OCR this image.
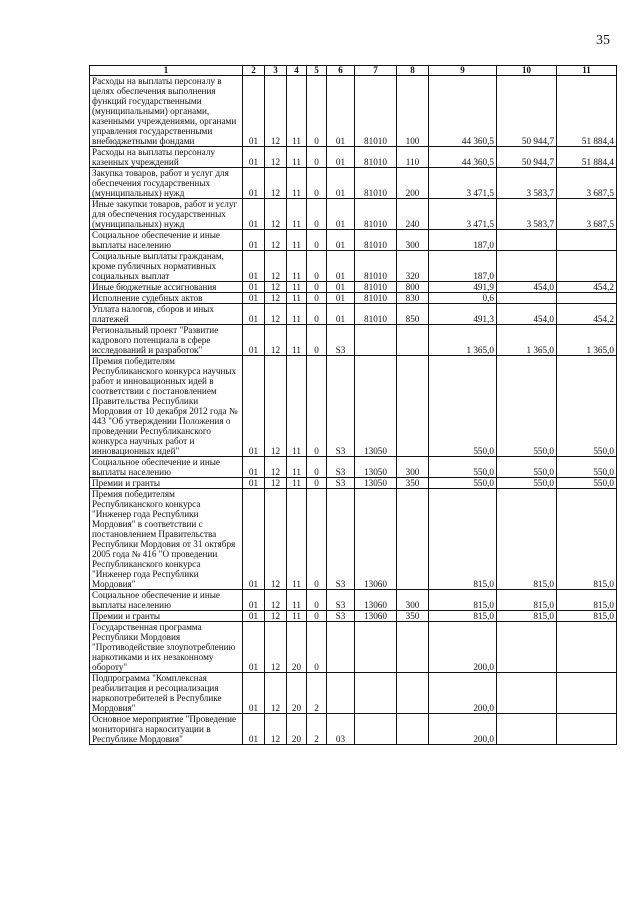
35
1	2	3	4	5	6	7	8	9	10	11
Расходы на выплаты персоналу в целях обеспечения выполнения функций государственными (муниципальными) органами, казенными учреждениями, органами управления государственными внебюджетными фондами	01	12	11	0	01	81010	100	44 360,5	50 944,7	51 884,4
Расходы на выплаты персоналу казенных учреждений	01	12	11	0	01	81010	110	44 360,5	50 944,7	51 884,4
Закупка товаров, работ и услуг для обеспечения государственных (муниципальных) нужд	01	12	11	0	01	81010	200	3 471,5	3 583,7	3 687,5
Иные закупки товаров, работ и услуг для обеспечения государственных (муниципальных) нужд	01	12	11	0	01	81010	240	3 471,5	3 583,7	3 687,5
Социальное обеспечение и иные выплаты населению	01	12	11	0	01	81010	300	187,0		
Социальные выплаты гражданам, кроме публичных нормативных социальных выплат	01	12	11	0	01	81010	320	187,0		
Иные бюджетные ассигнования	01	12	11	0	01	81010	800	491,9	454,0	454,2
Исполнение судебных актов	01	12	11	0	01	81010	830	0,6		
Уплата налогов, сборов и иных платежей	01	12	11	0	01	81010	850	491,3	454,0	454,2
Региональный проект "Развитие кадрового потенциала в сфере исследований и разработок"	01	12	11	0	S3			1 365,0	1 365,0	1 365,0
Премия победителям Республиканского конкурса научных работ и инновационных идей в соответствии с постановлением Правительства Республики Мордовия от 10 декабря 2012 года № 443 "Об утверждении Положения о проведении Республиканского конкурса научных работ и инновационных идей"	01	12	11	0	S3	13050		550,0	550,0	550,0
Социальное обеспечение и иные выплаты населению	01	12	11	0	S3	13050	300	550,0	550,0	550,0
Премии и гранты	01	12	11	0	S3	13050	350	550,0	550,0	550,0
Премия победителям Республиканского конкурса "Инженер года Республики Мордовия" в соответствии с постановлением Правительства Республики Мордовия от 31 октября 2005 года № 416 "О проведении Республиканского конкурса "Инженер года Республики Мордовия"	01	12	11	0	S3	13060		815,0	815,0	815,0
Социальное обеспечение и иные выплаты населению	01	12	11	0	S3	13060	300	815,0	815,0	815,0
Премии и гранты	01	12	11	0	S3	13060	350	815,0	815,0	815,0
Государственная программа Республики Мордовия "Противодействие злоупотреблению наркотиками и их незаконному обороту"	01	12	20	0				200,0		
Подпрограмма "Комплексная реабилитация и ресоциализация наркопотребителей в Республике Мордовия"	01	12	20	2				200,0		
Основное мероприятие "Проведение мониторинга наркоситуации в Республике Мордовия"	01	12	20	2	03			200,0		
